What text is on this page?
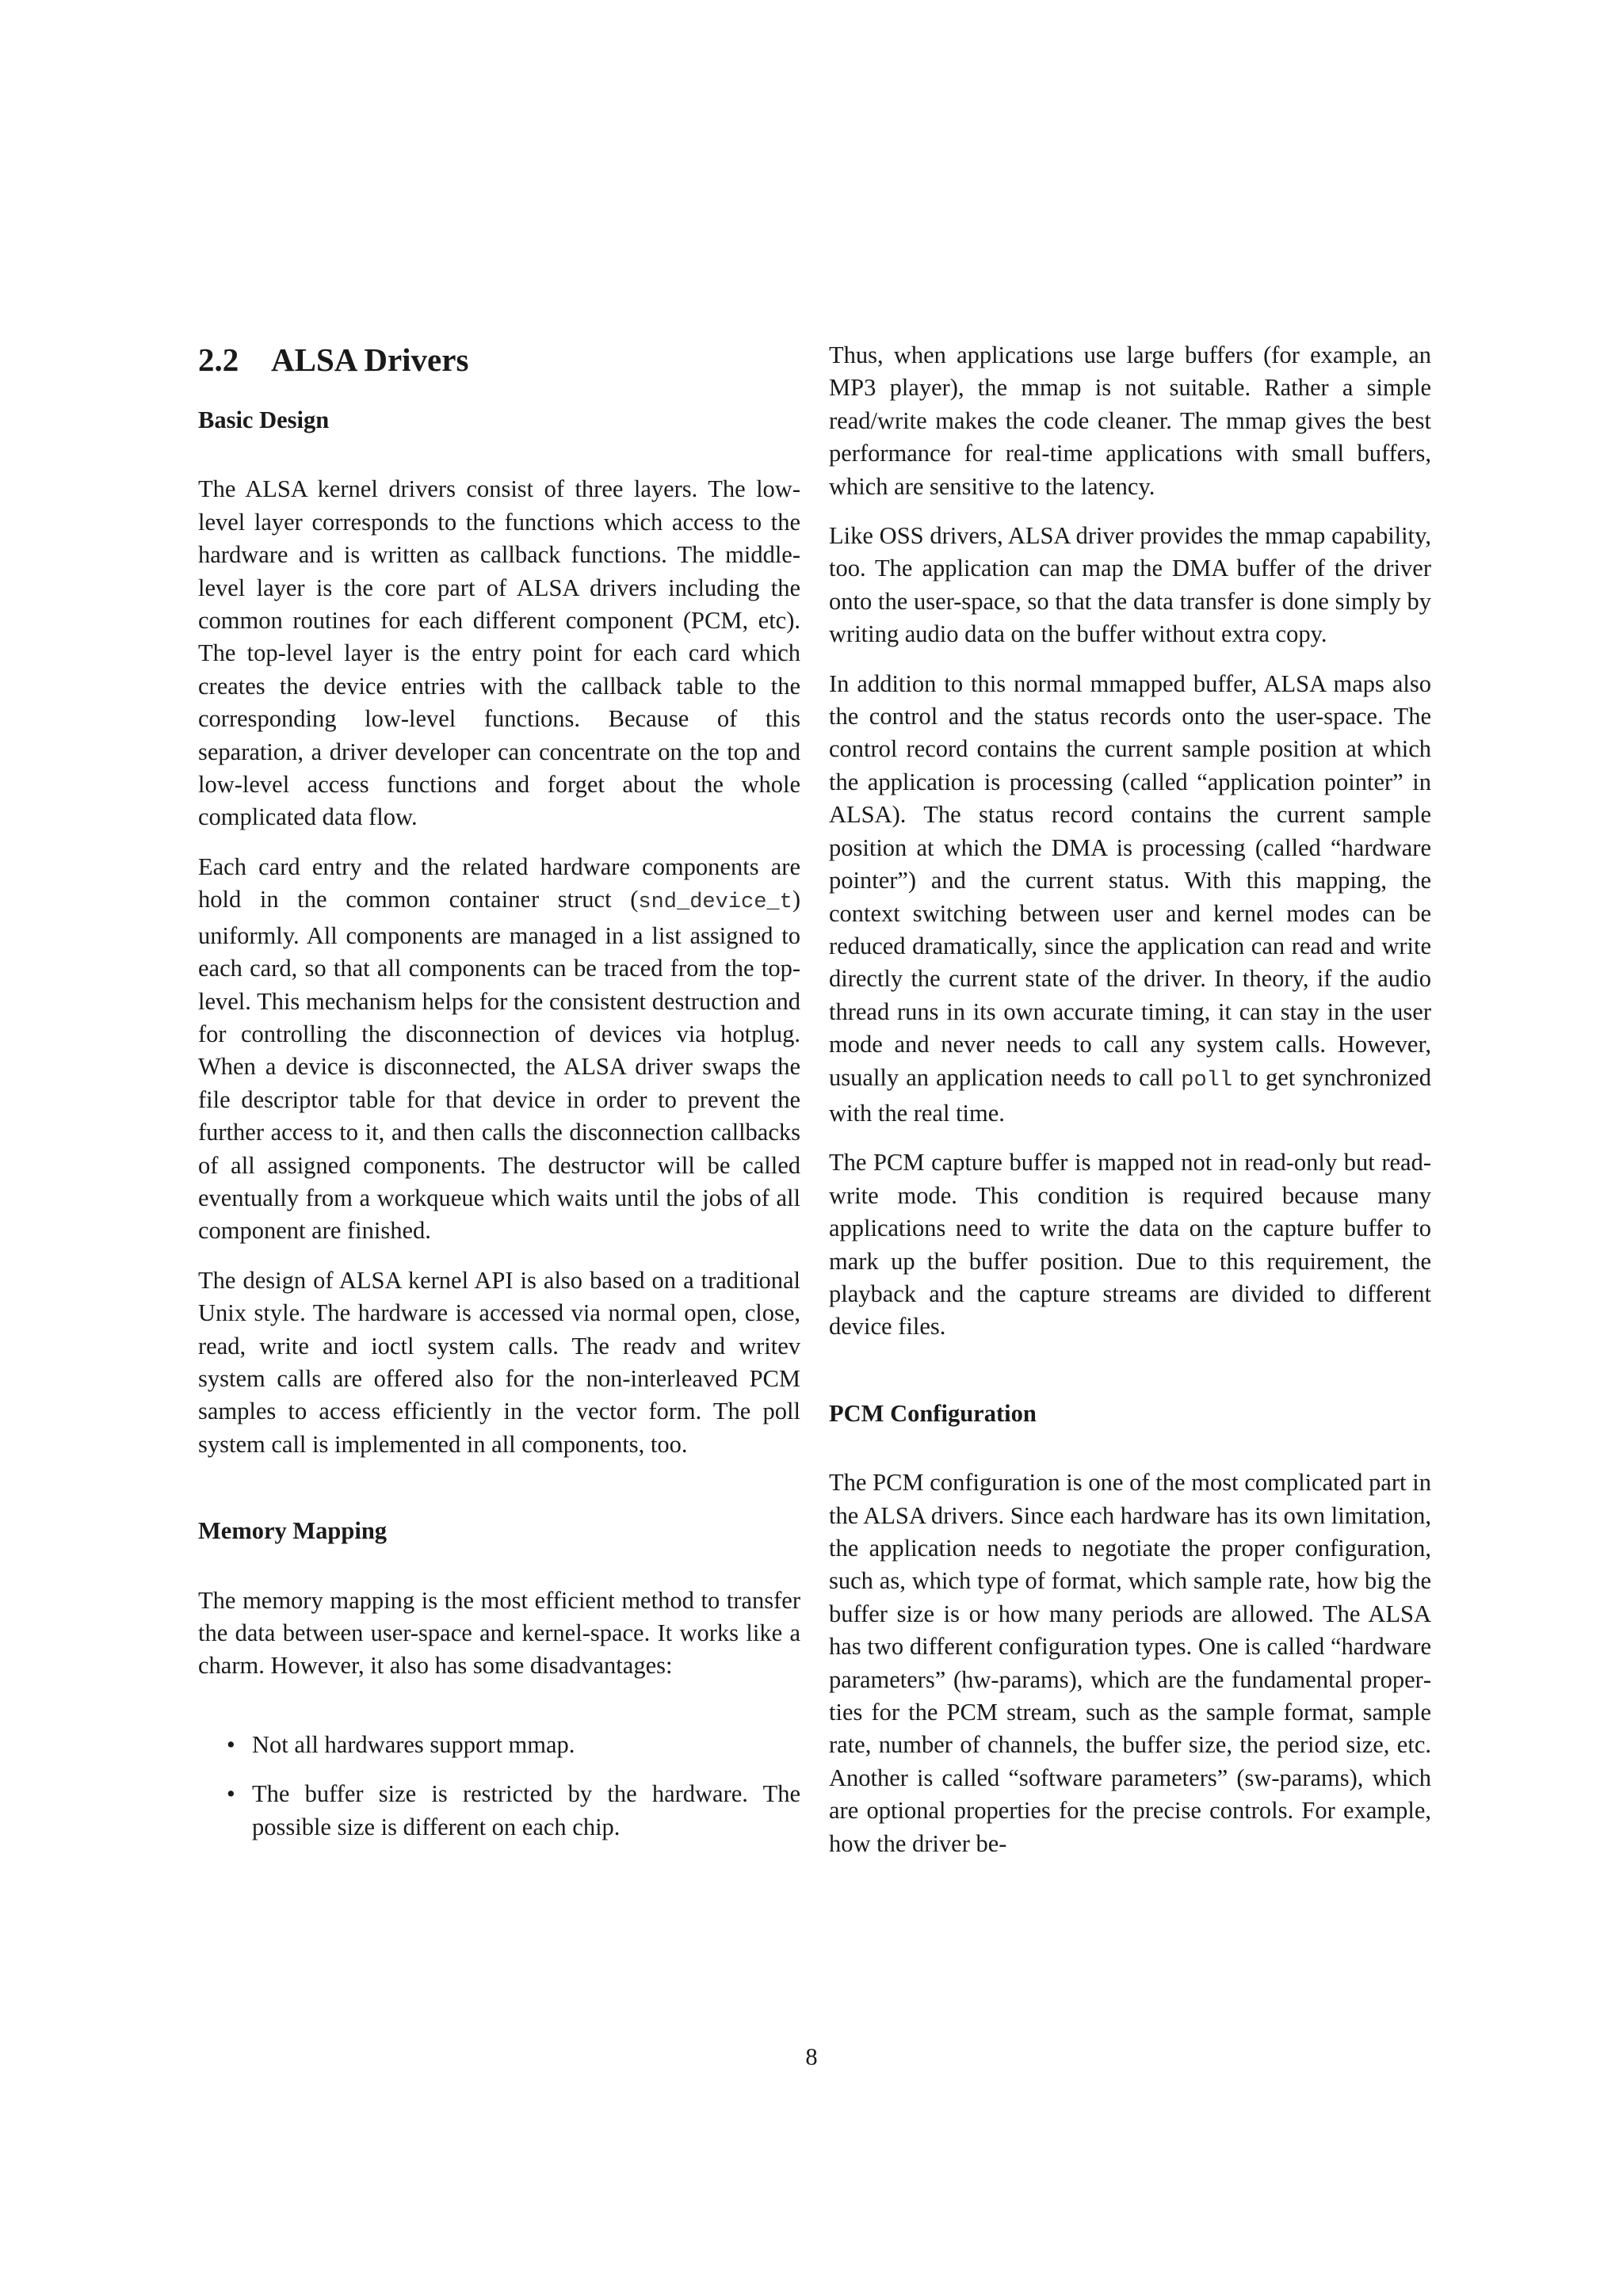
2.2 ALSA Drivers
Basic Design

The ALSA kernel drivers consist of three layers. The low-level layer corresponds to the functions which access to the hardware and is written as callback functions. The middle-level layer is the core part of ALSA drivers including the common routines for each different component (PCM, etc). The top-level layer is the entry point for each card which creates the device entries with the callback table to the corresponding low-level functions. Because of this separation, a driver developer can concentrate on the top and low-level access functions and forget about the whole complicated data flow.

Each card entry and the related hardware components are hold in the common container struct (snd_device_t) uniformly. All components are managed in a list assigned to each card, so that all components can be traced from the top-level. This mechanism helps for the consistent destruction and for controlling the disconnection of devices via hotplug. When a device is disconnected, the ALSA driver swaps the file descriptor table for that device in order to prevent the further access to it, and then calls the disconnection callbacks of all assigned components. The destructor will be called eventually from a workqueue which waits until the jobs of all component are finished.

The design of ALSA kernel API is also based on a traditional Unix style. The hardware is accessed via normal open, close, read, write and ioctl system calls. The readv and writev system calls are offered also for the non-interleaved PCM samples to access efficiently in the vector form. The poll system call is implemented in all components, too.

Memory Mapping

The memory mapping is the most efficient method to transfer the data between user-space and kernel-space. It works like a charm. However, it also has some disadvantages:

• Not all hardwares support mmap.
• The buffer size is restricted by the hardware. The possible size is different on each chip.

Thus, when applications use large buffers (for example, an MP3 player), the mmap is not suitable. Rather a simple read/write makes the code cleaner. The mmap gives the best performance for real-time applications with small buffers, which are sensitive to the latency.

Like OSS drivers, ALSA driver provides the mmap capability, too. The application can map the DMA buffer of the driver onto the user-space, so that the data transfer is done simply by writing audio data on the buffer without extra copy.

In addition to this normal mmapped buffer, ALSA maps also the control and the status records onto the user-space. The control record contains the current sample position at which the application is processing (called “application pointer” in ALSA). The status record contains the current sample position at which the DMA is processing (called “hardware pointer”) and the current status. With this mapping, the context switching between user and kernel modes can be reduced dramatically, since the application can read and write directly the current state of the driver. In theory, if the audio thread runs in its own accurate timing, it can stay in the user mode and never needs to call any system calls. However, usually an application needs to call poll to get synchronized with the real time.

The PCM capture buffer is mapped not in read-only but read-write mode. This condition is required because many applications need to write the data on the capture buffer to mark up the buffer position. Due to this requirement, the playback and the capture streams are divided to different device files.

PCM Configuration

The PCM configuration is one of the most complicated part in the ALSA drivers. Since each hardware has its own limitation, the application needs to negotiate the proper configuration, such as, which type of format, which sample rate, how big the buffer size is or how many periods are allowed. The ALSA has two different configuration types. One is called “hardware parameters” (hw-params), which are the fundamental properties for the PCM stream, such as the sample format, sample rate, number of channels, the buffer size, the period size, etc. Another is called “software parameters” (sw-params), which are optional properties for the precise controls. For example, how the driver be-

8
